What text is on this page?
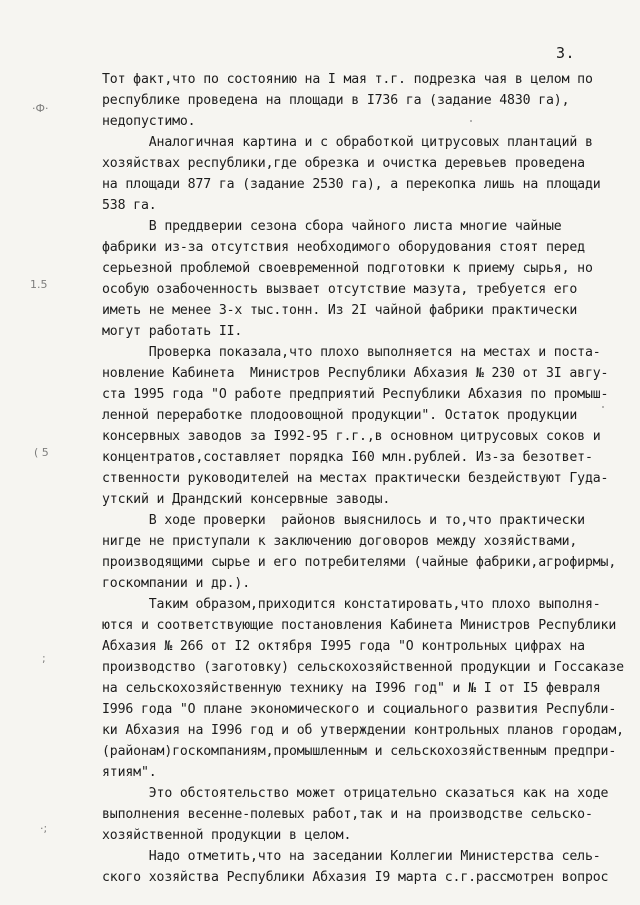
3.
Тот факт,что по состоянию на I мая т.г. подрезка чая в целом по
республике проведена на площади в I736 га (задание 4830 га),
недопустимо.
Аналогичная картина и с обработкой цитрусовых плантаций в
хозяйствах республики,где обрезка и очистка деревьев проведена
на площади 877 га (задание 2530 га), а перекопка лишь на площади
538 га.
В преддверии сезона сбора чайного листа многие чайные
фабрики из-за отсутствия необходимого оборудования стоят перед
серьезной проблемой своевременной подготовки к приему сырья, но
особую озабоченность вызвает отсутствие мазута, требуется его
иметь не менее 3-х тыс.тонн. Из 2I чайной фабрики практически
могут работать II.
Проверка показала,что плохо выполняется на местах и поста-
новление Кабинета  Министров Республики Абхазия № 230 от 3I авгу-
ста 1995 года "О работе предприятий Республики Абхазия по промыш-
ленной переработке плодоовощной продукции". Остаток продукции
консервных заводов за I992-95 г.г.,в основном цитрусовых соков и
концентратов,составляет порядка I60 млн.рублей. Из-за безответ-
ственности руководителей на местах практически бездействуют Гуда-
утский и Драндский консервные заводы.
В ходе проверки  районов выяснилось и то,что практически
нигде не приступали к заключению договоров между хозяйствами,
производящими сырье и его потребителями (чайные фабрики,агрофирмы,
госкомпании и др.).
Таким образом,приходится констатировать,что плохо выполня-
ются и соответствующие постановления Кабинета Министров Республики
Абхазия № 266 от I2 октября I995 года "О контрольных цифрах на
производство (заготовку) сельскохозяйственной продукции и Госсаказе
на сельскохозяйственную технику на I996 год" и № I от I5 февраля
I996 года "О плане экономического и социального развития Республи-
ки Абхазия на I996 год и об утверждении контрольных планов городам,
(районам)госкомпаниям,промышленным и сельскохозяйственным предпри-
ятиям".
Это обстоятельство может отрицательно сказаться как на ходе
выполнения весенне-полевых работ,так и на производстве сельско-
хозяйственной продукции в целом.
Надо отметить,что на заседании Коллегии Министерства сель-
ского хозяйства Республики Абхазия I9 марта с.г.рассмотрен вопрос
·Ф·
1.5
( 5
;
·;
